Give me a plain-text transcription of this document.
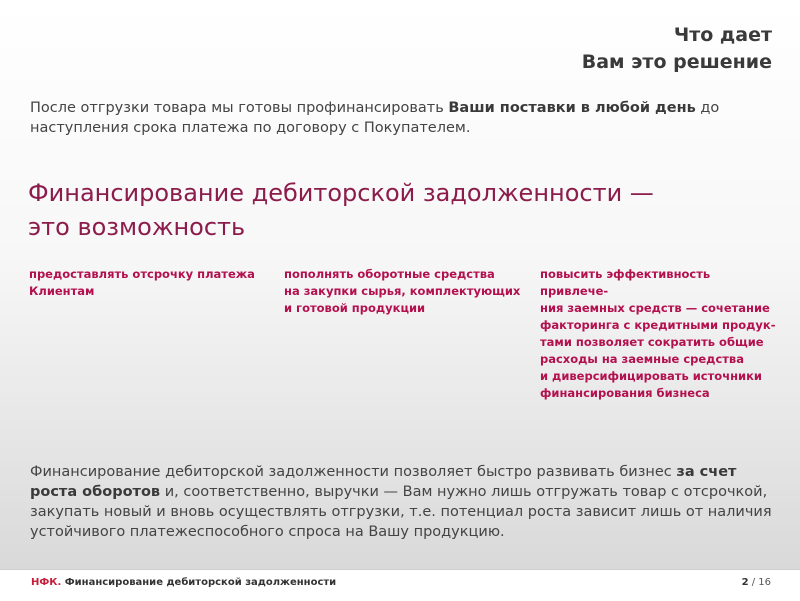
Что дает
Вам это решение
После отгрузки товара мы готовы профинансировать Ваши поставки в любой день до наступления срока платежа по договору с Покупателем.
Финансирование дебиторской задолженности —
это возможность
предоставлять отсрочку платежа
Клиентам
пополнять оборотные средства
на закупки сырья, комплектующих
и готовой продукции
повысить эффективность привлече-
ния заемных средств — сочетание
факторинга с кредитными продук-
тами позволяет сократить общие
расходы на заемные средства
и диверсифицировать источники
финансирования бизнеса
Финансирование дебиторской задолженности позволяет быстро развивать бизнес за счет роста оборотов и, соответственно, выручки — Вам нужно лишь отгружать товар с отсрочкой, закупать новый и вновь осуществлять отгрузки, т.е. потенциал роста зависит лишь от наличия устойчивого платежеспособного спроса на Вашу продукцию.
НФК. Финансирование дебиторской задолженности	2 / 16
